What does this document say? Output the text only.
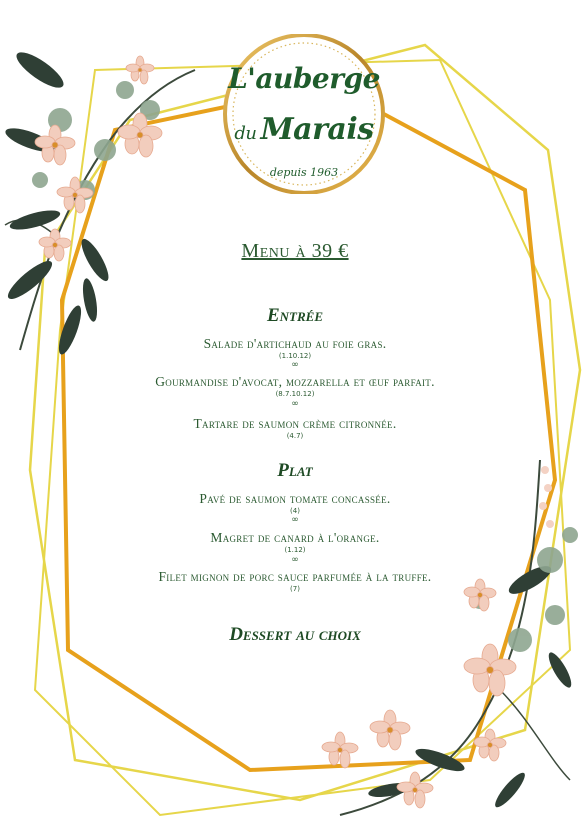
L'auberge
du Marais
depuis 1963
Menu à 39 €
Entrée
Salade d'artichaud au foie gras.
(1.10.12)
∞
Gourmandise d'avocat, mozzarella et œuf parfait.
(8.7.10.12)
∞
Tartare de saumon crème citronnée.
(4.7)
Plat
Pavé de saumon tomate concassée.
(4)
∞
Magret de canard à l'orange.
(1.12)
∞
Filet mignon de porc sauce parfumée à la truffe.
(7)
Dessert au choix
